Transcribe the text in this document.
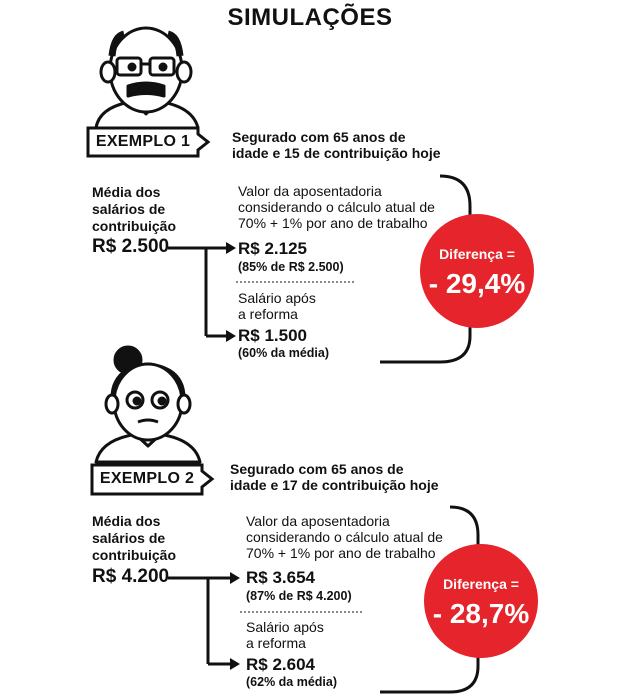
SIMULAÇÕES
EXEMPLO 1	Segurado com 65 anos de
idade e 15 de contribuição hoje
Média dos
salários de
contribuição
R$ 2.500
Valor da aposentadoria
considerando o cálculo atual de
70% + 1% por ano de trabalho
R$ 2.125
(85% de R$ 2.500)
Salário após
a reforma
R$ 1.500
(60% da média)
Diferença =
- 29,4%
EXEMPLO 2
Segurado com 65 anos de
idade e 17 de contribuição hoje
Média dos
salários de
contribuição
R$ 4.200
Valor da aposentadoria
considerando o cálculo atual de
70% + 1% por ano de trabalho
R$ 3.654
(87% de R$ 4.200)
Salário após
a reforma
R$ 2.604
(62% da média)
Diferença =
- 28,7%
